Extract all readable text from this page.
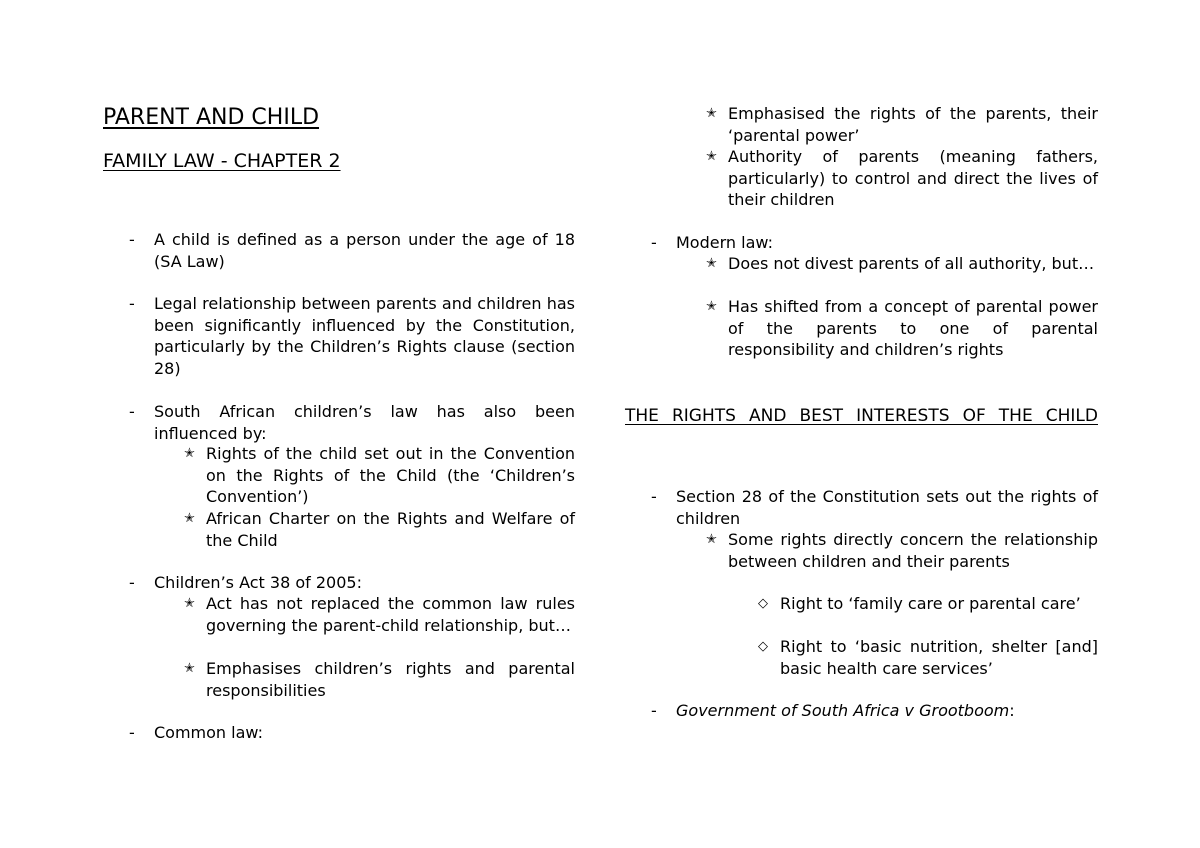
PARENT AND CHILD
FAMILY LAW - CHAPTER 2
- A child is defined as a person under the age of 18 (SA Law)
- Legal relationship between parents and children has been significantly influenced by the Constitution, particularly by the Children’s Rights clause (section 28)
- South African children’s law has also been influenced by:
✭ Rights of the child set out in the Convention on the Rights of the Child (the ‘Children’s Convention’)
✭ African Charter on the Rights and Welfare of the Child
- Children’s Act 38 of 2005:
✭ Act has not replaced the common law rules governing the parent-child relationship, but…
✭ Emphasises children’s rights and parental responsibilities
- Common law:
✭ Emphasised the rights of the parents, their ‘parental power’
✭ Authority of parents (meaning fathers, particularly) to control and direct the lives of their children
- Modern law:
✭ Does not divest parents of all authority, but…
✭ Has shifted from a concept of parental power of the parents to one of parental responsibility and children’s rights
THE RIGHTS AND BEST INTERESTS OF THE CHILD
- Section 28 of the Constitution sets out the rights of children
✭ Some rights directly concern the relationship between children and their parents
◇ Right to ‘family care or parental care’
◇ Right to ‘basic nutrition, shelter [and] basic health care services’
- Government of South Africa v Grootboom:
